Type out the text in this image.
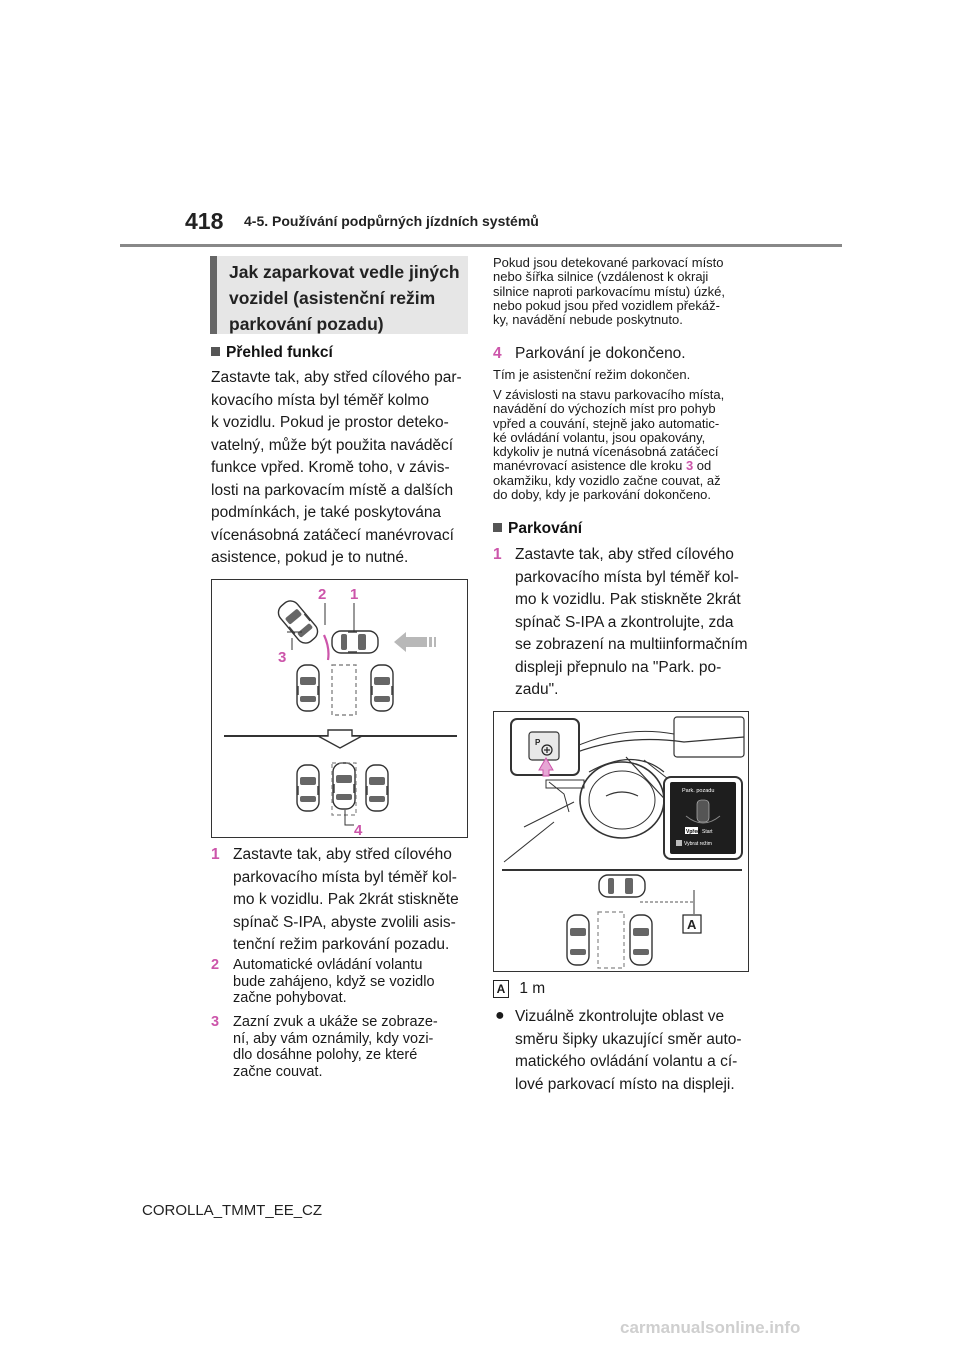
418 4-5. Používání podpůrných jízdních systémů
Jak zaparkovat vedle jiných
vozidel (asistenční režim
parkování pozadu)
Přehled funkcí
Zastavte tak, aby střed cílového par-
kovacího místa byl téměř kolmo
k vozidlu. Pokud je prostor deteko-
vatelný, může být použita naváděcí
funkce vpřed. Kromě toho, v závis-
losti na parkovacím místě a dalších
podmínkách, je také poskytována
vícenásobná zatáčecí manévrovací
asistence, pokud je to nutné.
1
2
3
4
1 Zastavte tak, aby střed cílového
parkovacího místa byl téměř kol-
mo k vozidlu. Pak 2krát stiskněte
spínač S-IPA, abyste zvolili asis-
tenční režim parkování pozadu.
2 Automatické ovládání volantu
bude zahájeno, když se vozidlo
začne pohybovat.
3 Zazní zvuk a ukáže se zobraze-
ní, aby vám oznámily, kdy vozi-
dlo dosáhne polohy, ze které
začne couvat.
Pokud jsou detekované parkovací místo
nebo šířka silnice (vzdálenost k okraji
silnice naproti parkovacímu místu) úzké,
nebo pokud jsou před vozidlem překáž-
ky, navádění nebude poskytnuto.
4 Parkování je dokončeno.
Tím je asistenční režim dokončen.
V závislosti na stavu parkovacího místa,
navádění do výchozích míst pro pohyb
vpřed a couvání, stejně jako automatic-
ké ovládání volantu, jsou opakovány,
kdykoliv je nutná vícenásobná zatáčecí
manévrovací asistence dle kroku 3 od
okamžiku, kdy vozidlo začne couvat, až
do doby, kdy je parkování dokončeno.
Parkování
1 Zastavte tak, aby střed cílového
parkovacího místa byl téměř kol-
mo k vozidlu. Pak stiskněte 2krát
spínač S-IPA a zkontrolujte, zda
se zobrazení na multiinformačním
displeji přepnulo na "Park. po-
zadu".
P
Park. pozadu
Vpřed Start
Vybrat režim
A
A 1 m
● Vizuálně zkontrolujte oblast ve
směru šipky ukazující směr auto-
matického ovládání volantu a cí-
lové parkovací místo na displeji.
COROLLA_TMMT_EE_CZ
carmanualsonline.info
